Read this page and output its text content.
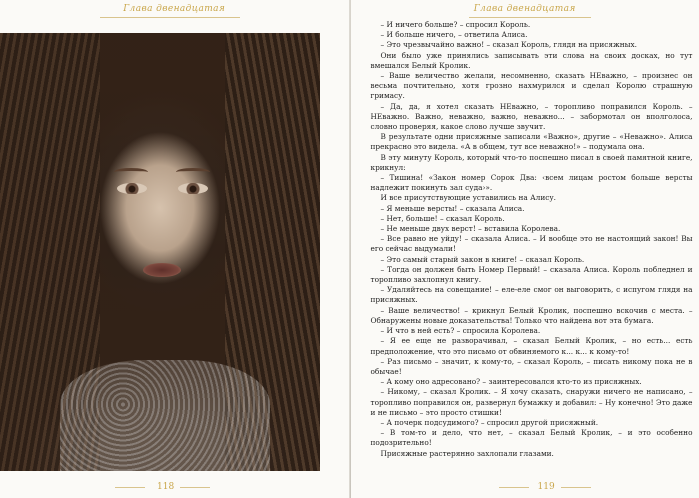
Глава двенадцатая
118
Глава двенадцатая

– И ничего больше? – спросил Король.

– И больше ничего, – ответила Алиса.

– Это чрезвычайно важно! – сказал Король, глядя на присяжных.

Они было уже принялись записывать эти слова на своих досках, но тут вмешался Белый Кролик.

– Ваше величество желали, несомненно, сказать НЕважно, – произнес он весьма почтительно, хотя грозно нахмурился и сделал Королю страшную гримасу.

– Да, да, я хотел сказать НЕважно, – торопливо поправился Король. – НЕважно. Важно, неважно, важно, неважно... – забормотал он вполголоса, словно проверяя, какое слово лучше звучит.

В результате одни присяжные записали «Важно», другие – «Неважно». Алиса прекрасно это видела. «А в общем, тут все неважно!» – подумала она.

В эту минуту Король, который что-то поспешно писал в своей памятной книге, крикнул:

– Тишина! «Закон номер Сорок Два: ‹всем лицам ростом больше версты надлежит покинуть зал суда›».

И все присутствующие уставились на Алису.

– Я меньше версты! – сказала Алиса.

– Нет, больше! – сказал Король.

– Не меньше двух верст! – вставила Королева.

– Все равно не уйду! – сказала Алиса. – И вообще это не настоящий закон! Вы его сейчас выдумали!

– Это самый старый закон в книге! – сказал Король.

– Тогда он должен быть Номер Первый! – сказала Алиса. Король побледнел и торопливо захлопнул книгу.

– Удаляйтесь на совещание! – еле-еле смог он выговорить, с испугом глядя на присяжных.

– Ваше величество! – крикнул Белый Кролик, поспешно вскочив с места. – Обнаружены новые доказательства! Только что найдена вот эта бумага.

– И что в ней есть? – спросила Королева.

– Я ее еще не разворачивал, – сказал Белый Кролик, – но есть... есть предположение, что это письмо от обвиняемого к... к... к кому-то!

– Раз письмо – значит, к кому-то, – сказал Король, – писать никому пока не в обычае!

– А кому оно адресовано? – заинтересовался кто-то из присяжных.

– Никому, – сказал Кролик. – Я хочу сказать, снаружи ничего не написано, – торопливо поправился он, развернул бумажку и добавил: – Ну конечно! Это даже и не письмо – это просто стишки!

– А почерк подсудимого? – спросил другой присяжный.

– В том-то и дело, что нет, – сказал Белый Кролик, – и это особенно подозрительно!

Присяжные растерянно захлопали глазами.

119
